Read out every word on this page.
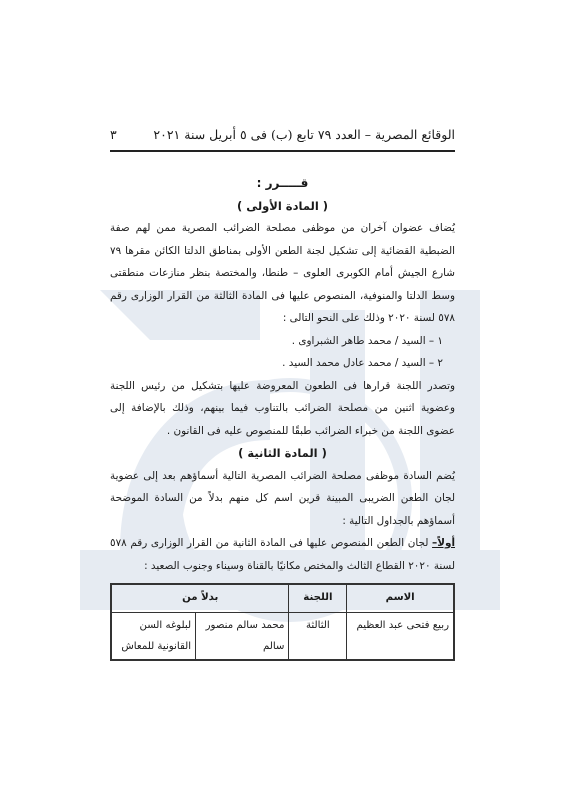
الوقائع المصرية – العدد ٧٩ تابع (ب) فى ٥ أبريل سنة ٢٠٢١
٣
قـــــرر :
( المادة الأولى )
يُضاف عضوان آخران من موظفى مصلحة الضرائب المصرية ممن لهم صفة الضبطية القضائية إلى تشكيل لجنة الطعن الأولى بمناطق الدلتا الكائن مقرها ٧٩ شارع الجيش أمام الكوبرى العلوى – طنطا، والمختصة بنظر منازعات منطقتى وسط الدلتا والمنوفية، المنصوص عليها فى المادة الثالثة من القرار الوزارى رقم ٥٧٨ لسنة ٢٠٢٠ وذلك على النحو التالى :
١ – السيد / محمد طاهر الشبراوى .
٢ – السيد / محمد عادل محمد السيد .
وتصدر اللجنة قرارها فى الطعون المعروضة عليها بتشكيل من رئيس اللجنة وعضوية اثنين من مصلحة الضرائب بالتناوب فيما بينهم، وذلك بالإضافة إلى عضوى اللجنة من خبراء الضرائب طبقًا للمنصوص عليه فى القانون .
( المادة الثانية )
يُضم السادة موظفى مصلحة الضرائب المصرية التالية أسماؤهم بعد إلى عضوية لجان الطعن الضريبى المبينة قرين اسم كل منهم بدلاً من السادة الموضحة أسماؤهم بالجداول التالية :
أولاً– لجان الطعن المنصوص عليها فى المادة الثانية من القرار الوزارى رقم ٥٧٨ لسنة ٢٠٢٠ القطاع الثالث والمختص مكانيًا بالقناة وسيناء وجنوب الصعيد :
الاسم	اللجنة	بدلاً من	
ربيع فتحى عبد العظيم	الثالثة	محمد سالم منصور سالم	لبلوغه السن القانونية للمعاش
